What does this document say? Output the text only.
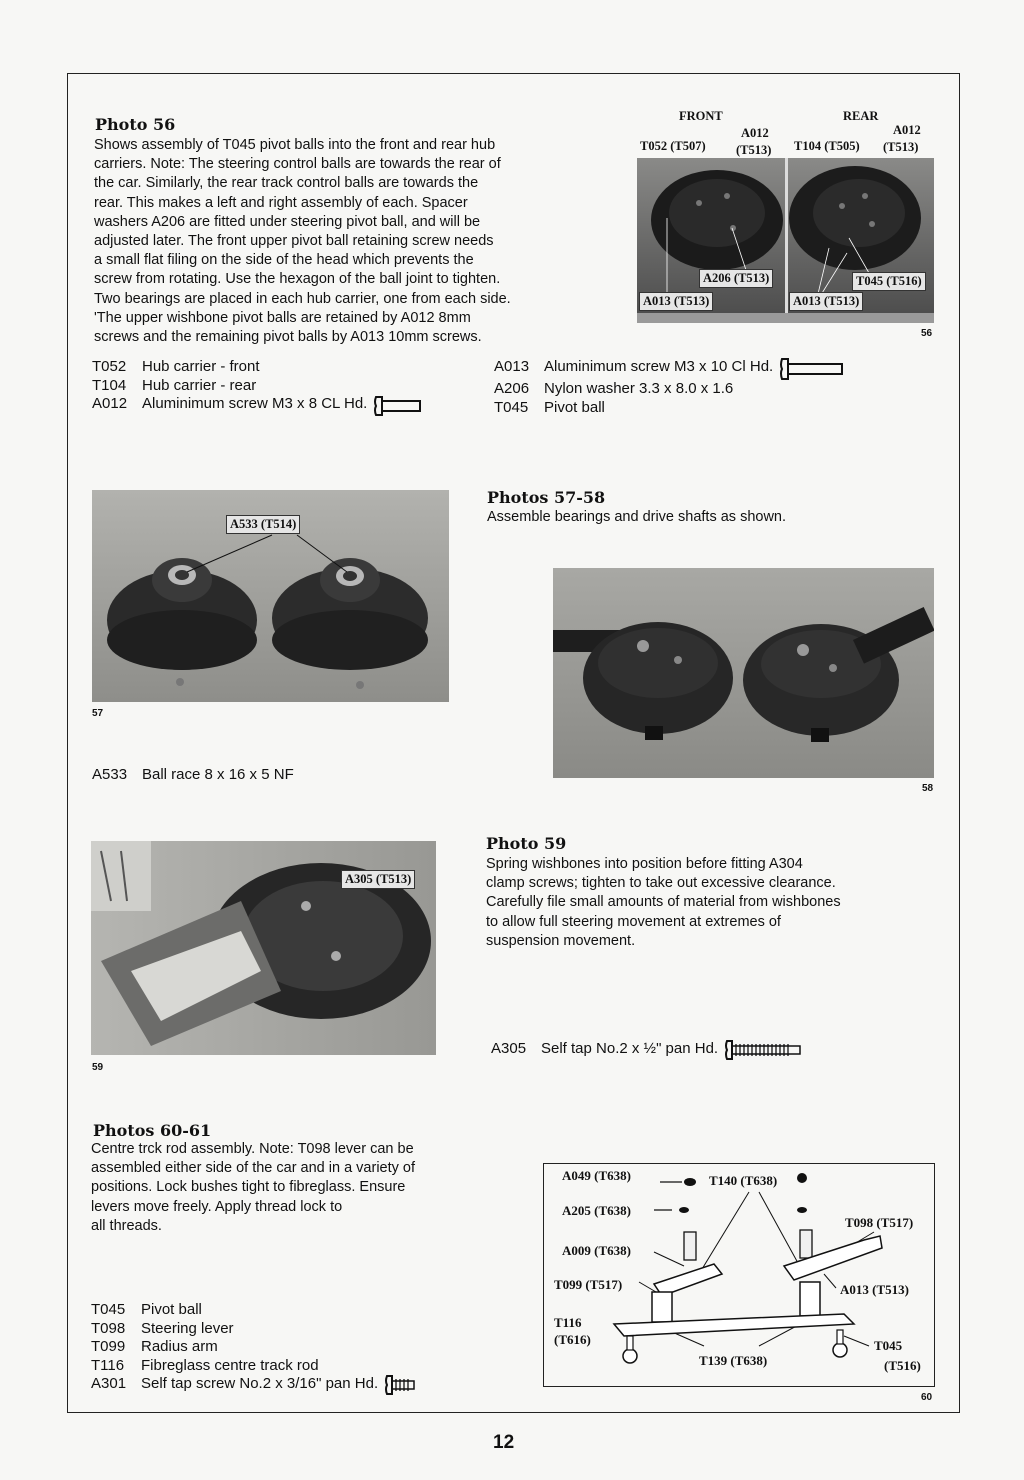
Photo 56
Shows assembly of T045 pivot balls into the front and rear hub
carriers. Note: The steering control balls are towards the rear of
the car. Similarly, the rear track control balls are towards the
rear. This makes a left and right assembly of each. Spacer
washers A206 are fitted under steering pivot ball, and will be
adjusted later. The front upper pivot ball retaining screw needs
a small flat filing on the side of the head which prevents the
screw from rotating. Use the hexagon of the ball joint to tighten.
Two bearings are placed in each hub carrier, one from each side.
'The upper wishbone pivot balls are retained by A012 8mm
screws and the remaining pivot balls by A013 10mm screws.
FRONT	REAR
A012
(T513)
A012
(T513)
T052 (T507)	T104 (T505)
A206 (T513)	T045 (T516)
A013 (T513)	A013 (T513)
56
T052	Hub carrier - front
T104	Hub carrier - rear
A012 Aluminimum screw M3 x 8 CL Hd.
A013 Aluminimum screw M3 x 10 Cl Hd.
A206 Nylon washer 3.3 x 8.0 x 1.6
T045	Pivot ball
A533 (T514)
57
A533 Ball race 8 x 16 x 5 NF
Photos 57-58
Assemble bearings and drive shafts as shown.
58
A305 (T513)
59
Photo 59
Spring wishbones into position before fitting A304
clamp screws; tighten to take out excessive clearance.
Carefully file small amounts of material from wishbones
to allow full steering movement at extremes of
suspension movement.
A305 Self tap No.2 x ½" pan Hd.
Photos 60-61
Centre trck rod assembly. Note: T098 lever can be
assembled either side of the car and in a variety of
positions. Lock bushes tight to fibreglass. Ensure
levers move freely. Apply thread lock to
all threads.
T045	Pivot ball
T098	Steering lever
T099	Radius arm
T116	Fibreglass centre track rod
A301 Self tap screw No.2 x 3/16" pan Hd.
A049 (T638)	T140 (T638)
A205 (T638)
T098 (T517)
A009 (T638)
T099 (T517)	A013 (T513)
T116
(T616)	T045
T139 (T638)	(T516)
60
12
